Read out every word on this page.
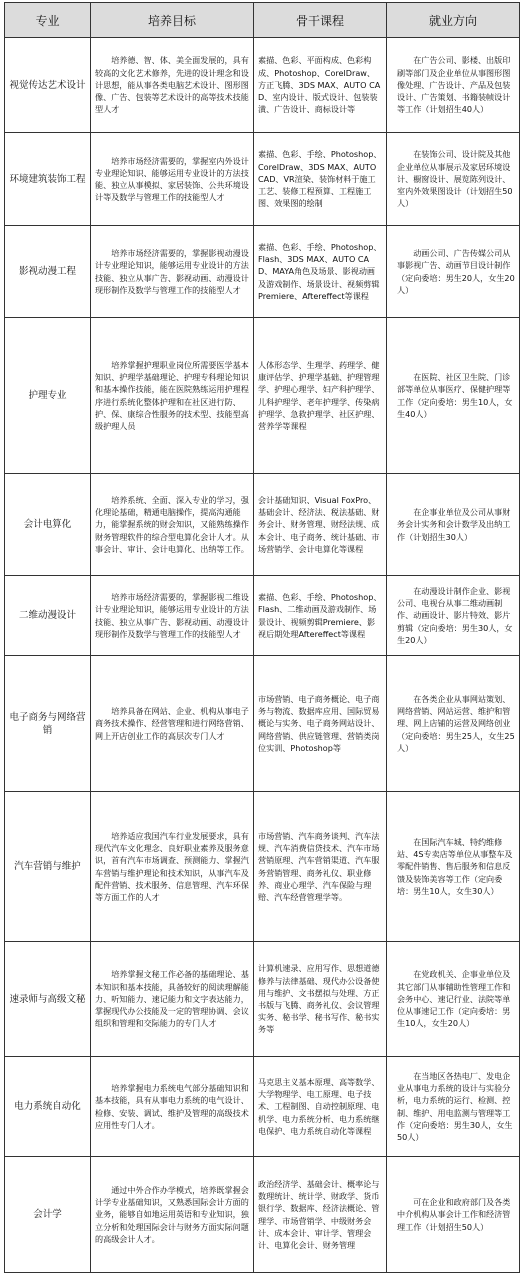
专业	培养目标	骨干课程	就业方向
视觉传达艺术设计	培养德、智、体、美全面发展的，具有较高的文化艺术修养，先进的设计理念和设计思想，能从事各类电脑艺术设计、图形图像、广告、包装等艺术设计的高等技术技能型人才	素描、色彩、平面构成、色彩构成、Photoshop、CorelDraw、方正飞腾、3DS MAX、AUTO CAD、室内设计、版式设计、包装装潢、广告设计、商标设计等	在广告公司、影楼、出版印刷等部门及企业单位从事图形图像处理、广告设计、产品及包装设计、广告策划、书籍装帧设计等工作（计划招生40人）
环境建筑装饰工程	培养市场经济需要的，掌握室内外设计专业理论知识、能够运用专业设计的方法技能、独立从事模拟、家居装饰、公共环境设计等及数学与管理工作的技能型人才	素描、色彩、手绘、Photoshop、CorelDraw、3DS MAX、AUTO CAD、VR渲染、装饰材料于施工工艺、装修工程预算、工程施工图、效果图的绘制	在装饰公司、设计院及其他企业单位从事展示及家居环境设计、橱窗设计、展览陈列设计、室内外效果图设计（计划招生50人）
影视动漫工程	培养市场经济需要的，掌握影视动漫设计专业理论知识，能够运用专业设计的方法技能、独立从事广告、影视动画、动漫设计现形制作及数学与管理工作的技能型人才	素描、色彩、手绘、Photoshop、Flash、3DS MAX、AUTO CAD、MAYA角色及场景、影视动画及游戏制作、场景设计、视频剪辑Premiere、Aftereffect等课程	动画公司、广告传媒公司从事影视广告、动画节目设计制作（定向委培：男生20人，女生20人）
护理专业	培养掌握护理职业岗位所需要医学基本知识、护理学基础理论、护理专科理论知识和基本操作技能，能在医院熟练运用护理程序进行系统化整体护理和在社区进行防、护、保、康综合性服务的技术型、技能型高级护理人员	人体形态学、生理学、药理学、健康评估学、护理学基础、护理管理学、护理心理学、妇产科护理学、儿科护理学、老年护理学、传染病护理学、急救护理学、社区护理、营养学等课程	在医院、社区卫生院、门诊部等单位从事医疗、保健护理等工作（定向委培：男生10人，女生40人）
会计电算化	培养系统、全面、深入专业的学习，强化理论基础，精通电脑操作，提高沟通能力，能掌握系统的财会知识，又能熟练操作财务管理软件的综合型电算化会计人才。从事会计、审计、会计电算化、出纳等工作。	会计基础知识、Visual FoxPro、基础会计、经济法、税法基础、财务会计、财务管理、财经法规、成本会计、电子商务、统计基础、市场营销学、会计电算化等课程	在企事业单位及公司从事财务会计实务和会计数学及出纳工作（计划招生30人）
二维动漫设计	培养市场经济需要的，掌握影视二维设计专业理论知识，能够运用专业设计的方法技能、独立从事广告、影视动画、动漫设计现形制作及数学与管理工作的技能型人才	素描、色彩、手绘、Photoshop、Flash、二维动画及游戏制作、场景设计、视频剪辑Premiere、影视后期处理Aftereffect等课程	在动漫设计制作企业、影视公司、电视台从事二维动画制作、动画设计、影片特效、影片剪辑（定向委培：男生30人，女生20人）
电子商务与网络营销	培养具备在网站、企业、机构从事电子商务技术操作、经营管理和进行网络营销、网上开店创业工作的高层次专门人才	市场营销、电子商务概论、电子商务与物流、数据库应用、国际贸易概论与实务、电子商务网站设计、网络营销、供应链管理、营销类岗位实训、Photoshop等	在各类企业从事网站策划、网络营销、网站运营、维护和管理、网上店铺的运营及网络创业（定向委培：男生25人，女生25人）
汽车营销与维护	培养适应我国汽车行业发展要求，具有现代汽车文化理念、良好职业素养及服务意识，首有汽车市场调查、预测能力、掌握汽车营销与维护理论和技术知识，从事汽车及配件营销、技术服务、信息管理、汽车环保等方面工作的人才	市场营销、汽车商务谈判、汽车法规、汽车消费信贷技术、汽车市场营销原理、汽车营销渠道、汽车服务营销管理、商务礼仪、职业修养、商业心理学、汽车保险与理赔、汽车经营管理学等。	在国际汽车城、特约维修站、4S专卖店等单位从事整车及零配件销售、售后服务和信息反馈及装饰美容等工作（定向委培：男生10人，女生30人）
速录师与高级文秘	培养掌握文秘工作必备的基础理论、基本知识和基本技能，具备较好的阅读理解能力、听知能力、速记能力和文字表达能力，掌握现代办公技能及一定的管理协调、会议组织和管理和交际能力的专门人才	计算机速录、应用写作、思想道德修养与法律基础、现代办公设备使用与维护、文书摆拟与处理、方正书版与飞腾、商务礼仪、会议管理实务、秘书学、秘书写作、秘书实务等	在党政机关、企事业单位及其它部门从事辅助性管理工作和会务中心、速记行业、法院等单位从事速记工作（定向委培：男生10人，女生20人）
电力系统自动化	培养掌握电力系统电气部分基础知识和基本技能，具有从事电力系统的电气设计、检修、安装、调试、维护及管理的高级技术应用性专门人才。	马克思主义基本原理、高等数学、大学物理学、电工原理、电子技术、工程制图、自动控制原理、电机学、电力系统分析、电力系统继电保护、电力系统自动化等课程	在当地区各热电厂、发电企业从事电力系统的设计与实验分析，电力系统的运行、检测、控制、维护、用电监测与管理等工作（定向委培：男生30人，女生50人）
会计学	通过中外合作办学模式，培养既掌握会计学专业基础知识，又熟悉国际会计方面的业务，能够自如地运用英语和专业知识，独立分析和处理国际会计与财务方面实际问题的高级会计人才。	政治经济学、基础会计、概率论与数理统计、统计学、财政学、货币银行学、数据库、经济法概论、管理学、市场营销学、中级财务会计、成本会计、审计学、管理会计、电算化会计、财务管理	可在企业和政府部门及各类中介机构从事会计工作和经济管理工作（计划招生50人）
